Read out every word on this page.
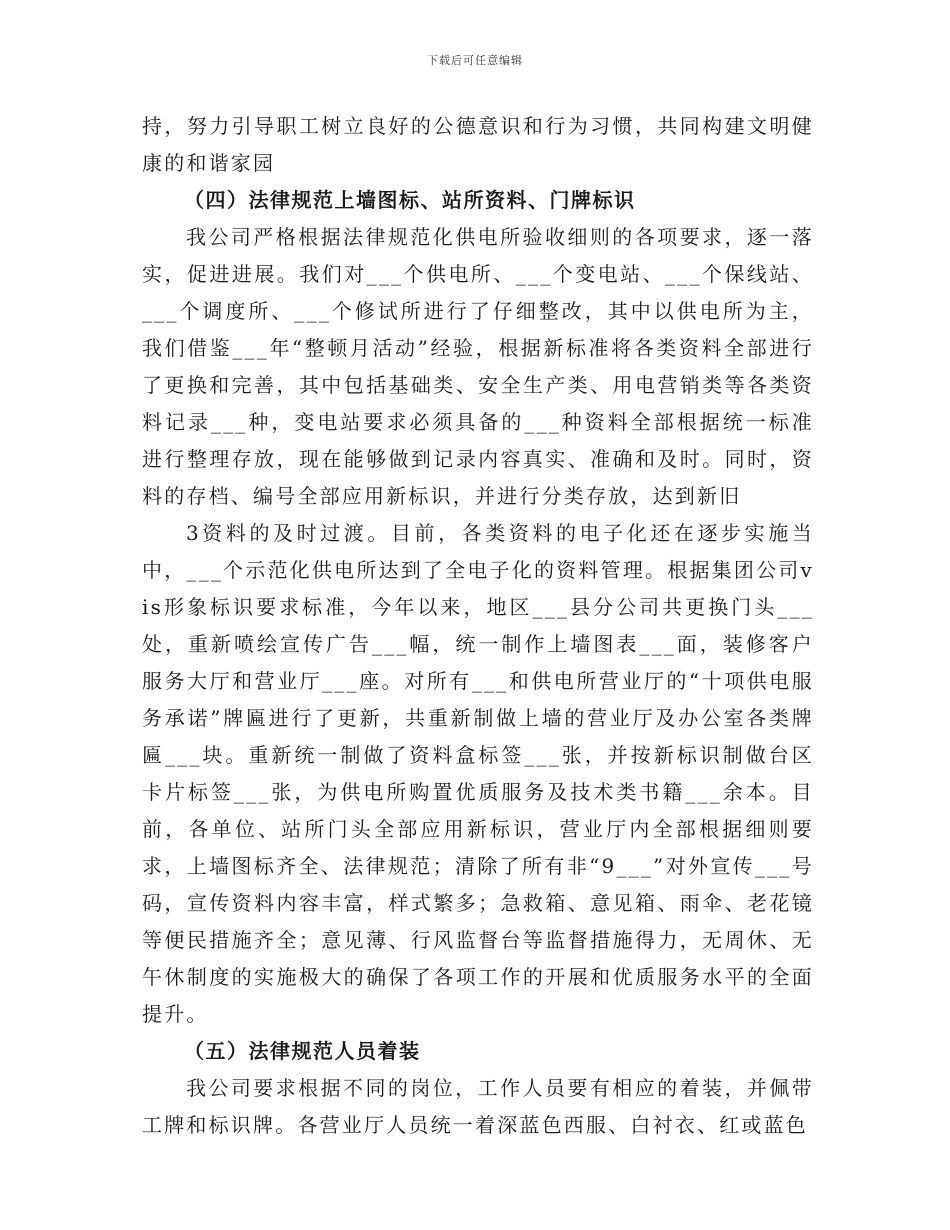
下载后可任意编辑

持，努力引导职工树立良好的公德意识和行为习惯，共同构建文明健康的和谐家园

（四）法律规范上墙图标、站所资料、门牌标识

我公司严格根据法律规范化供电所验收细则的各项要求，逐一落实，促进进展。我们对___个供电所、___个变电站、___个保线站、___个调度所、___个修试所进行了仔细整改，其中以供电所为主，我们借鉴___年“整顿月活动”经验，根据新标准将各类资料全部进行了更换和完善，其中包括基础类、安全生产类、用电营销类等各类资料记录___种，变电站要求必须具备的___种资料全部根据统一标准进行整理存放，现在能够做到记录内容真实、准确和及时。同时，资料的存档、编号全部应用新标识，并进行分类存放，达到新旧

3资料的及时过渡。目前，各类资料的电子化还在逐步实施当中，___个示范化供电所达到了全电子化的资料管理。根据集团公司vis形象标识要求标准，今年以来，地区___县分公司共更换门头___处，重新喷绘宣传广告___幅，统一制作上墙图表___面，装修客户服务大厅和营业厅___座。对所有___和供电所营业厅的“十项供电服务承诺”牌匾进行了更新，共重新制做上墙的营业厅及办公室各类牌匾___块。重新统一制做了资料盒标签___张，并按新标识制做台区卡片标签___张，为供电所购置优质服务及技术类书籍___余本。目前，各单位、站所门头全部应用新标识，营业厅内全部根据细则要求，上墙图标齐全、法律规范；清除了所有非“9___”对外宣传___号码，宣传资料内容丰富，样式繁多；急救箱、意见箱、雨伞、老花镜等便民措施齐全；意见薄、行风监督台等监督措施得力，无周休、无午休制度的实施极大的确保了各项工作的开展和优质服务水平的全面提升。

（五）法律规范人员着装

我公司要求根据不同的岗位，工作人员要有相应的着装，并佩带工牌和标识牌。各营业厅人员统一着深蓝色西服、白衬衣、红或蓝色
